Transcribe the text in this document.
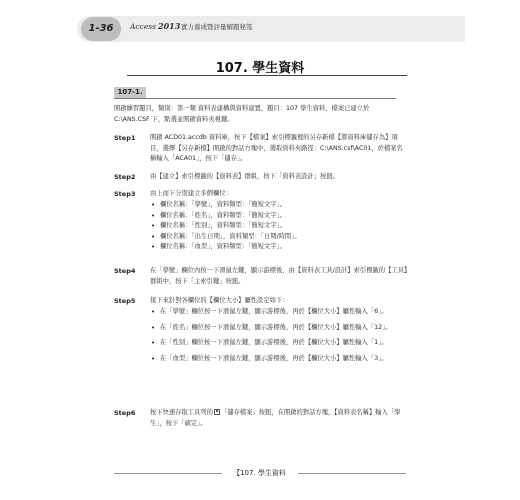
1-36	Access 2013 實力養成暨評量解題秘笈
107. 學生資料
107-1.

開啟練習題目，類別：第一類 資料表建構與資料建置，題目：107 學生資料，檔案已建立於 C:\ANS.CSF 下，點選並開啟資料夾視鍵。

Step1 開啟 ACD01.accdb 資料庫，按下【檔案】索引標籤裡的另存新檔【將資料庫儲存為】項目，選擇【另存新檔】開啟的對話方塊中，選取資料夾路徑：C:\ANS.csf\AC01，於檔案名稱輸入「ACA01」，按下「儲存」。
Step2 由【建立】索引標籤的【資料表】群組，按下「資料表設計」按鈕。
Step3 由上而下分別建立多個欄位：
• 欄位名稱：「學號」，資料類型：「簡短文字」。
• 欄位名稱：「姓名」，資料類型：「簡短文字」。
• 欄位名稱：「性別」，資料類型：「簡短文字」。
• 欄位名稱：「出生日期」，資料類型：「日期/時間」。
• 欄位名稱：「血型」，資料類型：「簡短文字」。
Step4 在「學號」欄位內按一下滑鼠左鍵，顯示游標後，由【資料表工具/設計】索引標籤的【工具】群組中，按下「主索引鍵」按鈕。
Step5 接下來針對各欄位的【欄位大小】屬性設定如下：
• 在「學號」欄位按一下滑鼠左鍵，顯示游標後，再於【欄位大小】屬性輸入「6」。
• 在「姓名」欄位按一下滑鼠左鍵，顯示游標後，再於【欄位大小】屬性輸入「12」。
• 在「性別」欄位按一下滑鼠左鍵，顯示游標後，再於【欄位大小】屬性輸入「1」。
• 在「血型」欄位按一下滑鼠左鍵，顯示游標後，再於【欄位大小】屬性輸入「3」。
Step6 按下快速存取工具列的 「儲存檔案」按鈕，在開啟的對話方塊，【資料表名稱】輸入「學生」，按下「確定」。
【107. 學生資料
